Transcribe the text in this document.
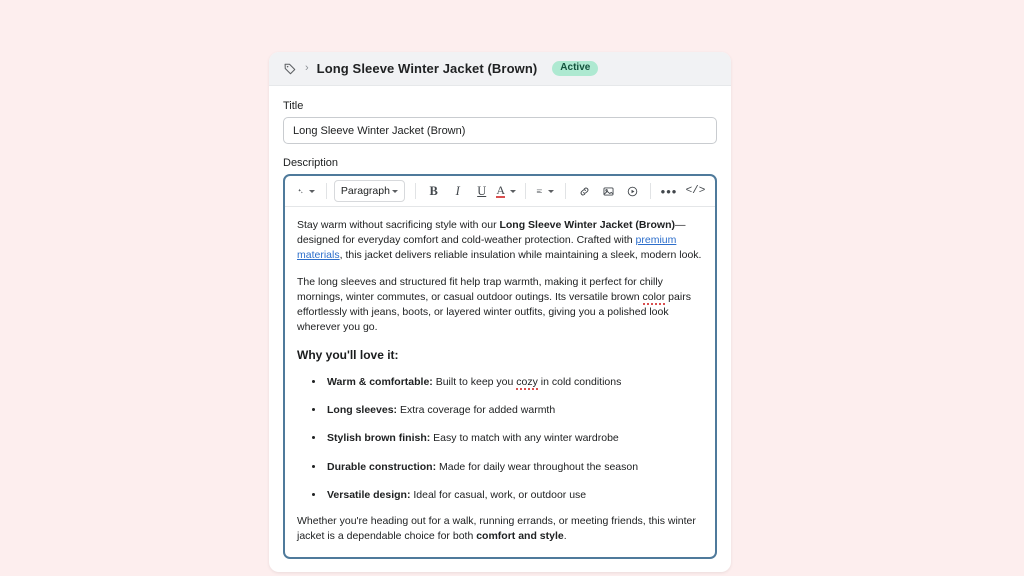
› Long Sleeve Winter Jacket (Brown)	Active
Title
Long Sleeve Winter Jacket (Brown)
Description
Paragraph	B	I	U A	••• </>

Stay warm without sacrificing style with our Long Sleeve Winter Jacket (Brown)—designed for everyday comfort and cold-weather protection. Crafted with premium materials, this jacket delivers reliable insulation while maintaining a sleek, modern look.

The long sleeves and structured fit help trap warmth, making it perfect for chilly mornings, winter commutes, or casual outdoor outings. Its versatile brown color pairs effortlessly with jeans, boots, or layered winter outfits, giving you a polished look wherever you go.

Why you'll love it:

• Warm & comfortable: Built to keep you cozy in cold conditions
• Long sleeves: Extra coverage for added warmth
• Stylish brown finish: Easy to match with any winter wardrobe
• Durable construction: Made for daily wear throughout the season
• Versatile design: Ideal for casual, work, or outdoor use

Whether you're heading out for a walk, running errands, or meeting friends, this winter jacket is a dependable choice for both comfort and style.
